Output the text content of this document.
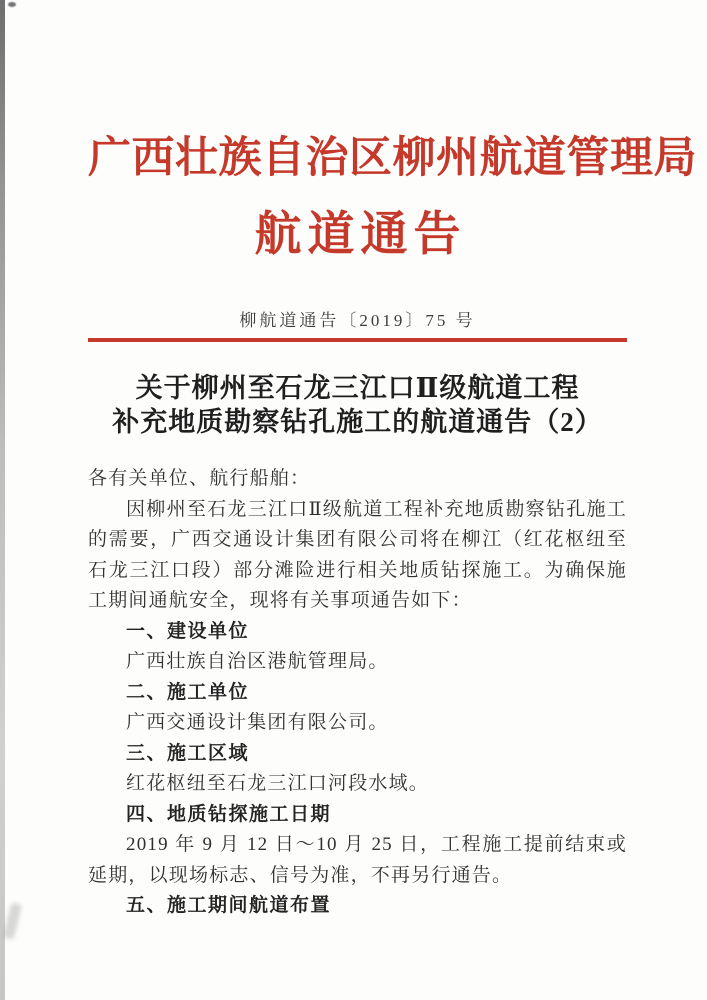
广西壮族自治区柳州航道管理局
航道通告
柳航道通告〔2019〕75 号
关于柳州至石龙三江口Ⅱ级航道工程
补充地质勘察钻孔施工的航道通告（2）

各有关单位、航行船舶：

因柳州至石龙三江口Ⅱ级航道工程补充地质勘察钻孔施工的需要，广西交通设计集团有限公司将在柳江（红花枢纽至石龙三江口段）部分滩险进行相关地质钻探施工。为确保施工期间通航安全，现将有关事项通告如下：

一、建设单位

广西壮族自治区港航管理局。

二、施工单位

广西交通设计集团有限公司。

三、施工区域

红花枢纽至石龙三江口河段水域。

四、地质钻探施工日期

2019 年 9 月 12 日～10 月 25 日，工程施工提前结束或延期，以现场标志、信号为准，不再另行通告。

五、施工期间航道布置
